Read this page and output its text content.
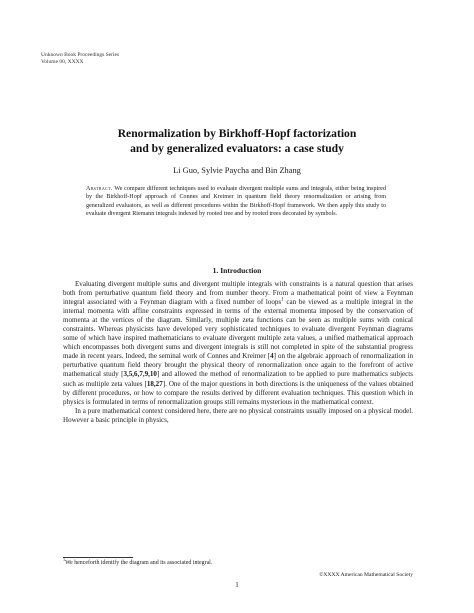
Unknown Book Proceedings Series
Volume 00, XXXX
Renormalization by Birkhoff-Hopf factorization
and by generalized evaluators: a case study
Li Guo, Sylvie Paycha and Bin Zhang
Abstract. We compare different techniques used to evaluate divergent multiple sums and integrals, either being inspired by the Birkhoff-Hopf approach of Connes and Kreimer in quantum field theory renormalization or arising from generalized evaluators, as well as different procedures within the Birkhoff-Hopf framework. We then apply this study to evaluate divergent Riemann integrals indexed by rooted tree and by rooted trees decorated by symbols.
1. Introduction

Evaluating divergent multiple sums and divergent multiple integrals with constraints is a natural question that arises both from perturbative quantum field theory and from number theory. From a mathematical point of view a Feynman integral associated with a Feynman diagram with a fixed number of loops$^1$ can be viewed as a multiple integral in the internal momenta with affine constraints expressed in terms of the external momenta imposed by the conservation of momenta at the vertices of the diagram. Similarly, multiple zeta functions can be seen as multiple sums with conical constraints. Whereas physicists have developed very sophisticated techniques to evaluate divergent Feynman diagrams some of which have inspired mathematicians to evaluate divergent multiple zeta values, a unified mathematical approach which encompasses both divergent sums and divergent integrals is still not completed in spite of the substantial progress made in recent years. Indeed, the seminal work of Connes and Kreimer [4] on the algebraic approach of renormalization in perturbative quantum field theory brought the physical theory of renormalization once again to the forefront of active mathematical study [3,5,6,7,9,10] and allowed the method of renormalization to be applied to pure mathematics subjects such as multiple zeta values [18,27]. One of the major questions in both directions is the uniqueness of the values obtained by different procedures, or how to compare the results derived by different evaluation techniques. This question which in physics is formulated in terms of renormalization groups still remains mysterious in the mathematical context.

In a pure mathematical context considered here, there are no physical constraints usually imposed on a physical model. However a basic principle in physics,

$^1$We henceforth identify the diagram and its associated integral.
©XXXX American Mathematical Society
1
